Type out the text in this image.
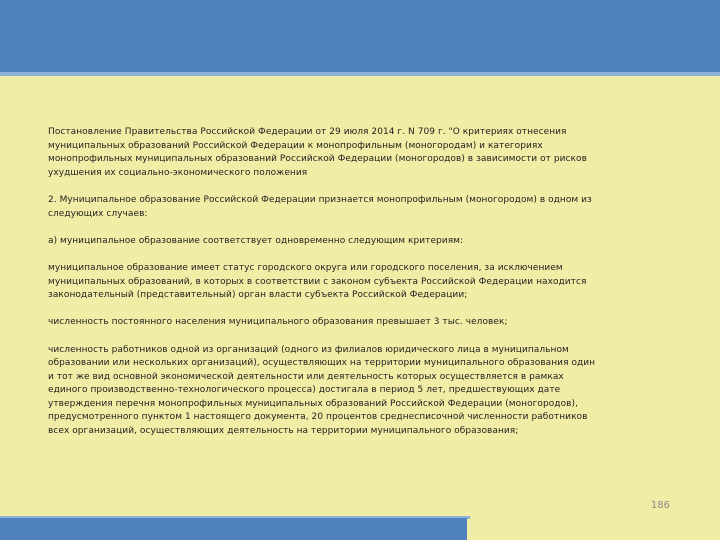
Постановление Правительства Российской Федерации от 29 июля 2014 г. N 709 г. "О критериях отнесения
муниципальных образований Российской Федерации к монопрофильным (моногородам) и категориях
монопрофильных муниципальных образований Российской Федерации (моногородов) в зависимости от рисков
ухудшения их социально-экономического положения

2. Муниципальное образование Российской Федерации признается монопрофильным (моногородом) в одном из
следующих случаев:

а) муниципальное образование соответствует одновременно следующим критериям:

муниципальное образование имеет статус городского округа или городского поселения, за исключением
муниципальных образований, в которых в соответствии с законом субъекта Российской Федерации находится
законодательный (представительный) орган власти субъекта Российской Федерации;

численность постоянного населения муниципального образования превышает 3 тыс. человек;

численность работников одной из организаций (одного из филиалов юридического лица в муниципальном
образовании или нескольких организаций), осуществляющих на территории муниципального образования один
и тот же вид основной экономической деятельности или деятельность которых осуществляется в рамках
единого производственно-технологического процесса) достигала в период 5 лет, предшествующих дате
утверждения перечня монопрофильных муниципальных образований Российской Федерации (моногородов),
предусмотренного пунктом 1 настоящего документа, 20 процентов среднесписочной численности работников
всех организаций, осуществляющих деятельность на территории муниципального образования;

186
